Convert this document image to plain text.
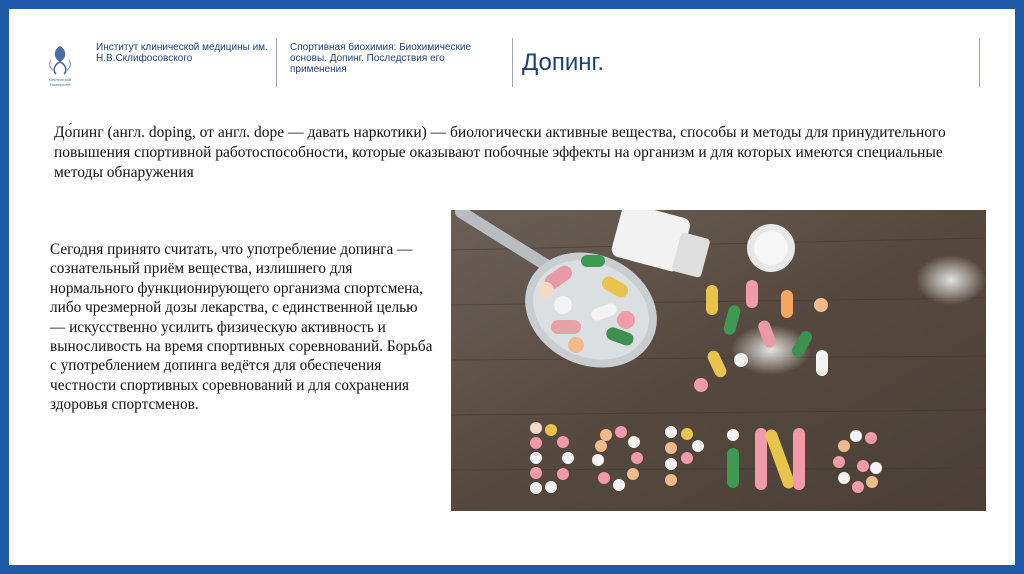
Сеченовский
Университет
Институт клинической медицины им. Н.В.Склифосовского
Спортивная биохимия: Биохимические основы. Допинг. Последствия его применения	Допинг.

До́пинг (англ. doping, от англ. dope — давать наркотики) — биологически активные вещества, способы и методы для принудительного повышения спортивной работоспособности, которые оказывают побочные эффекты на организм и для которых имеются специальные методы обнаружения

Сегодня принято считать, что употребление допинга — сознательный приём вещества, излишнего для нормального функционирующего организма спортсмена, либо чрезмерной дозы лекарства, с единственной целью — искусственно усилить физическую активность и выносливость на время спортивных соревнований. Борьба с употреблением допинга ведётся для обеспечения честности спортивных соревнований и для сохранения здоровья спортсменов.
